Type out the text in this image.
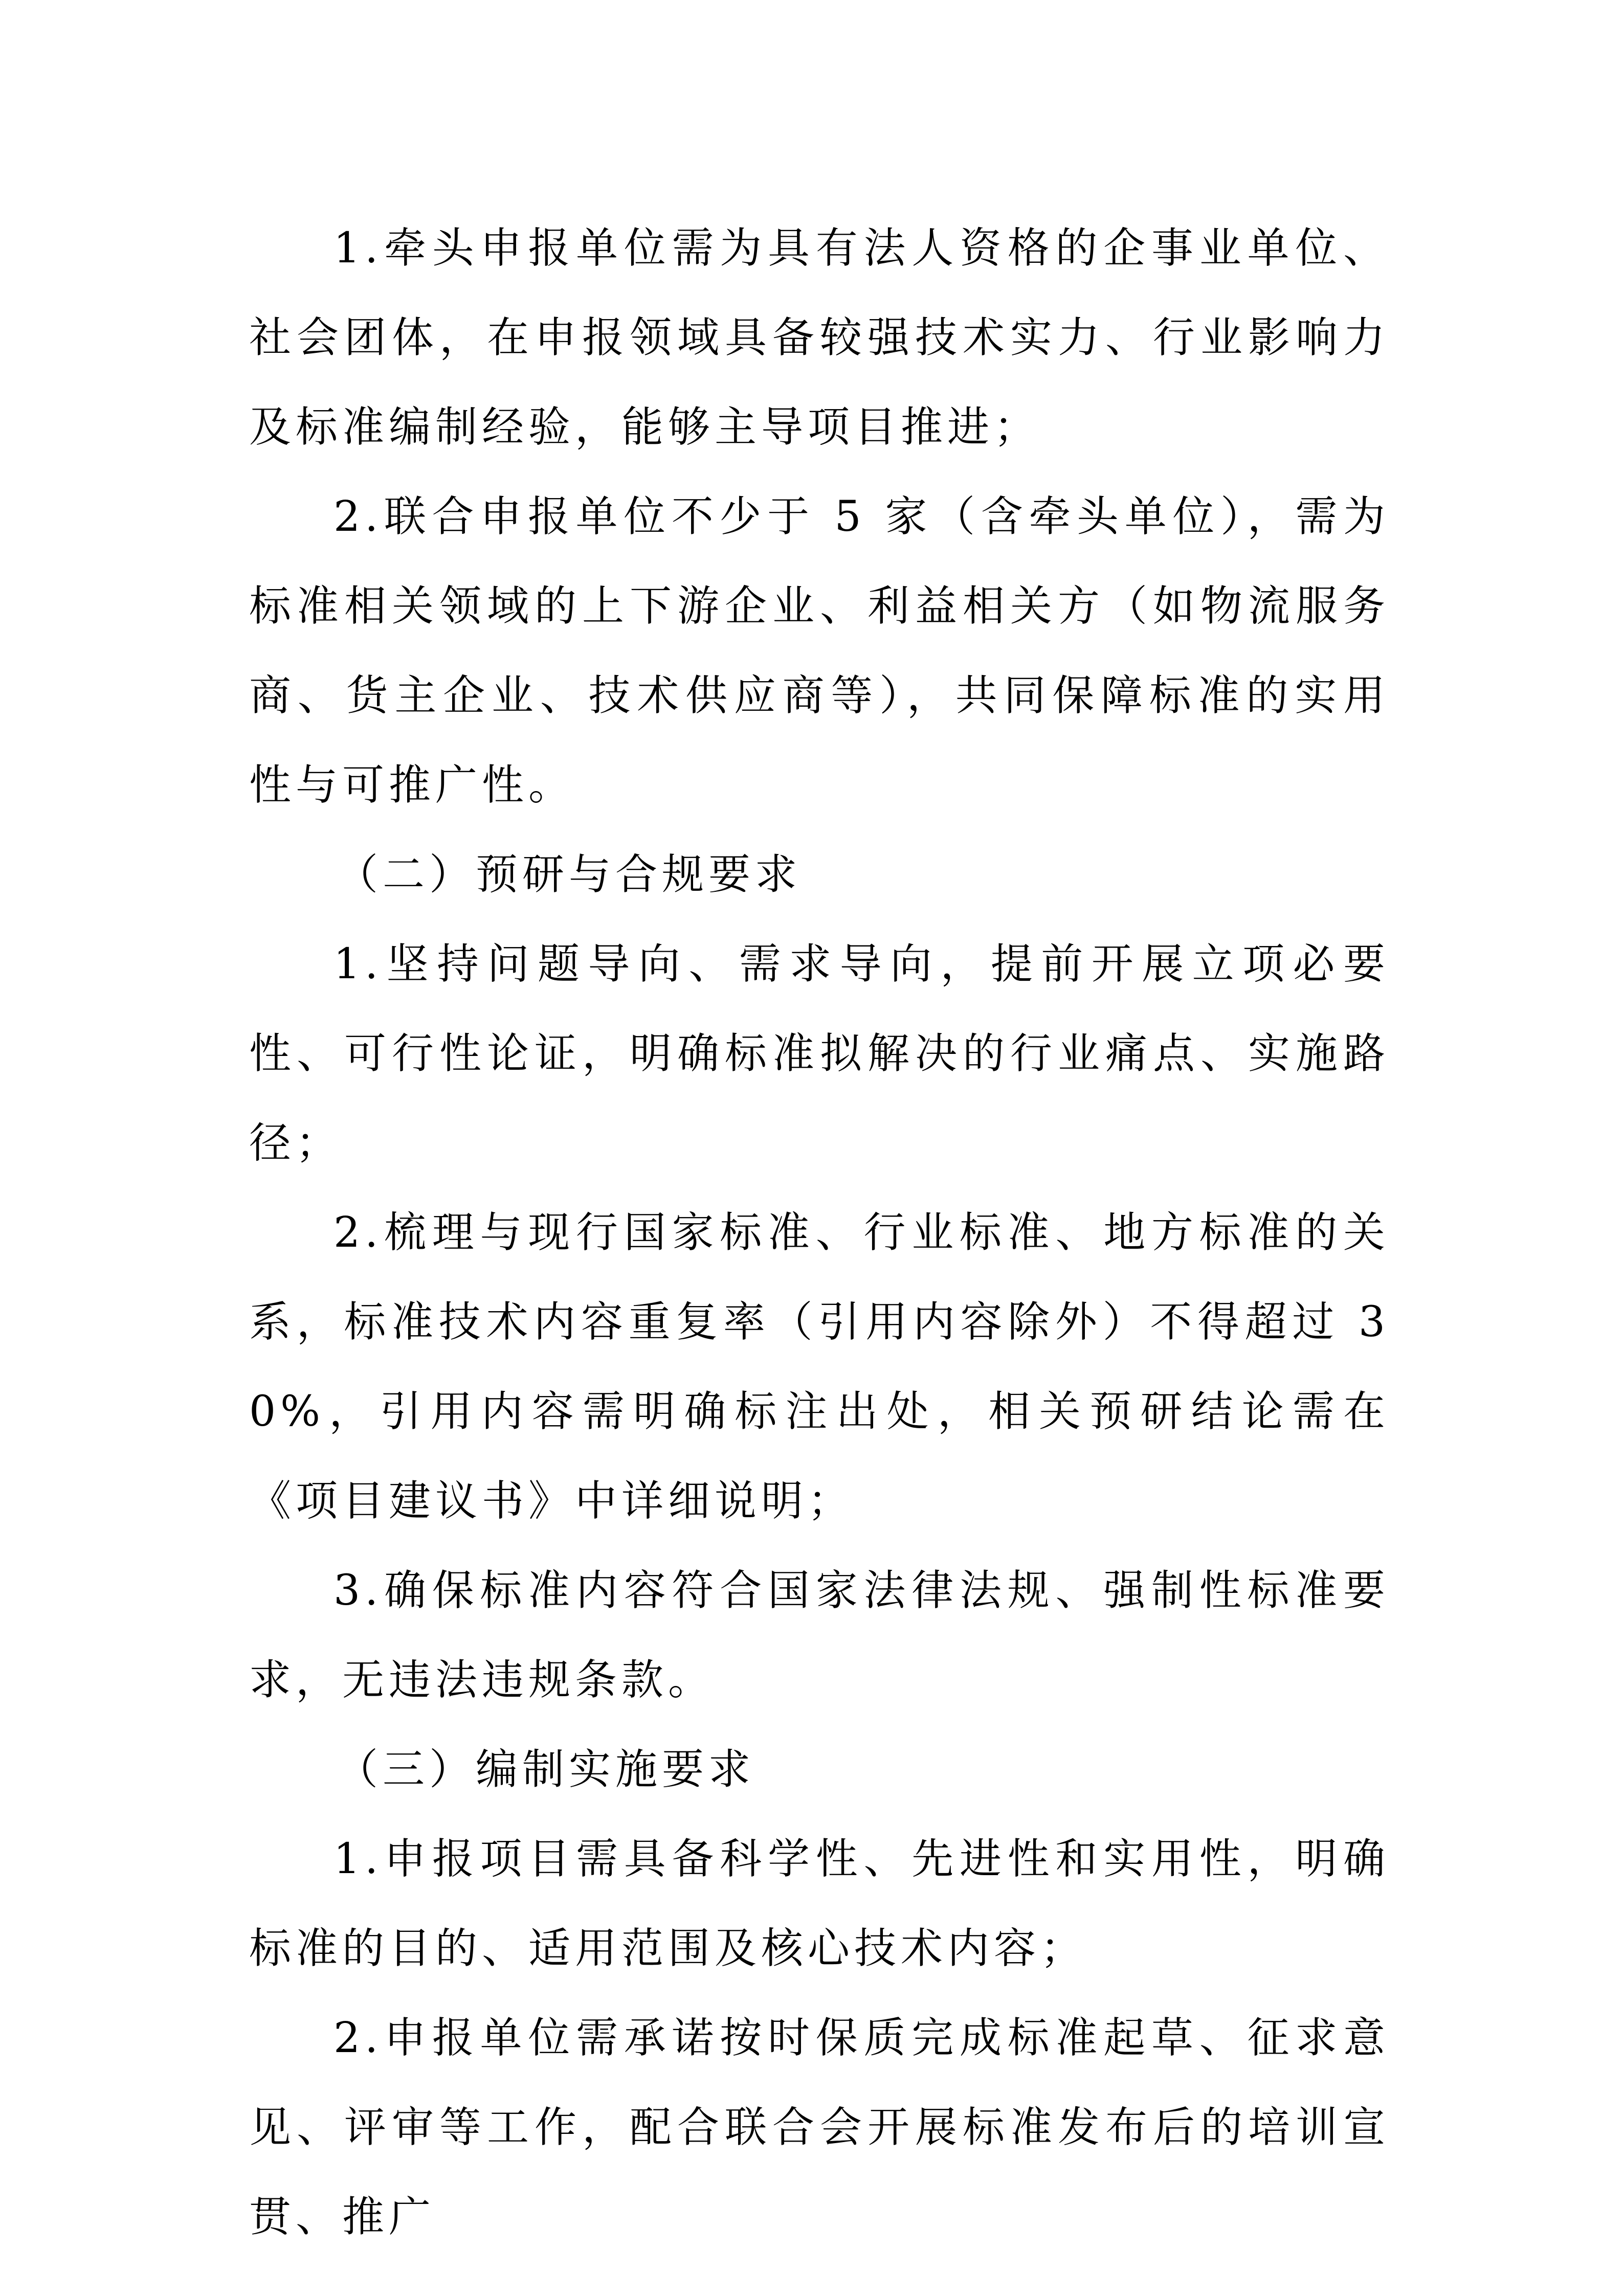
1.牵头申报单位需为具有法人资格的企事业单位、社会团体，在申报领域具备较强技术实力、行业影响力及标准编制经验，能够主导项目推进；

2.联合申报单位不少于 5 家（含牵头单位），需为标准相关领域的上下游企业、利益相关方（如物流服务商、货主企业、技术供应商等），共同保障标准的实用性与可推广性。

（二）预研与合规要求

1.坚持问题导向、需求导向，提前开展立项必要性、可行性论证，明确标准拟解决的行业痛点、实施路径；

2.梳理与现行国家标准、行业标准、地方标准的关系，标准技术内容重复率（引用内容除外）不得超过 30%，引用内容需明确标注出处，相关预研结论需在《项目建议书》中详细说明；

3.确保标准内容符合国家法律法规、强制性标准要求，无违法违规条款。

（三）编制实施要求

1.申报项目需具备科学性、先进性和实用性，明确标准的目的、适用范围及核心技术内容；

2.申报单位需承诺按时保质完成标准起草、征求意见、评审等工作，配合联合会开展标准发布后的培训宣贯、推广
